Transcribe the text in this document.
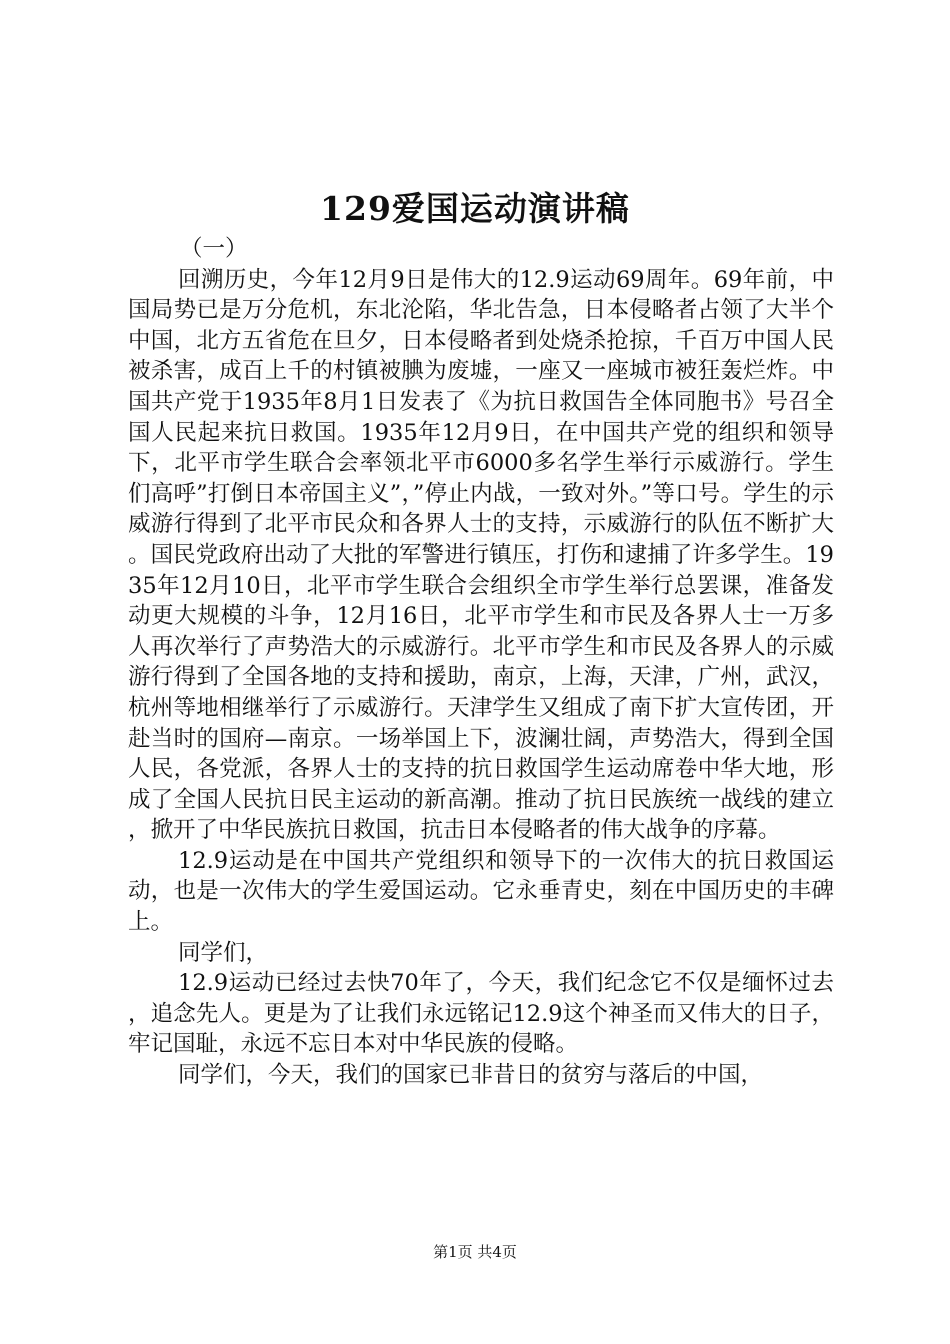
129爱国运动演讲稿

（一）

回溯历史，今年12月9日是伟大的12.9运动69周年。69年前，中国局势已是万分危机，东北沦陷，华北告急，日本侵略者占领了大半个中国，北方五省危在旦夕，日本侵略者到处烧杀抢掠，千百万中国人民被杀害，成百上千的村镇被腆为废墟，一座又一座城市被狂轰烂炸。中国共产党于1935年8月1日发表了《为抗日救国告全体同胞书》号召全国人民起来抗日救国。1935年12月9日，在中国共产党的组织和领导下，北平市学生联合会率领北平市6000多名学生举行示威游行。学生们高呼”打倒日本帝国主义”，”停止内战，一致对外。”等口号。学生的示威游行得到了北平市民众和各界人士的支持，示威游行的队伍不断扩大。国民党政府出动了大批的军警进行镇压，打伤和逮捕了许多学生。1935年12月10日，北平市学生联合会组织全市学生举行总罢课，准备发动更大规模的斗争，12月16日，北平市学生和市民及各界人士一万多人再次举行了声势浩大的示威游行。北平市学生和市民及各界人的示威游行得到了全国各地的支持和援助，南京，上海，天津，广州，武汉，杭州等地相继举行了示威游行。天津学生又组成了南下扩大宣传团，开赴当时的国府—南京。一场举国上下，波澜壮阔，声势浩大，得到全国人民，各党派，各界人士的支持的抗日救国学生运动席卷中华大地，形成了全国人民抗日民主运动的新高潮。推动了抗日民族统一战线的建立，掀开了中华民族抗日救国，抗击日本侵略者的伟大战争的序幕。

12.9运动是在中国共产党组织和领导下的一次伟大的抗日救国运动，也是一次伟大的学生爱国运动。它永垂青史，刻在中国历史的丰碑上。

同学们，

12.9运动已经过去快70年了，今天，我们纪念它不仅是缅怀过去，追念先人。更是为了让我们永远铭记12.9这个神圣而又伟大的日子，牢记国耻，永远不忘日本对中华民族的侵略。

同学们，今天，我们的国家已非昔日的贫穷与落后的中国，

第1页 共4页
